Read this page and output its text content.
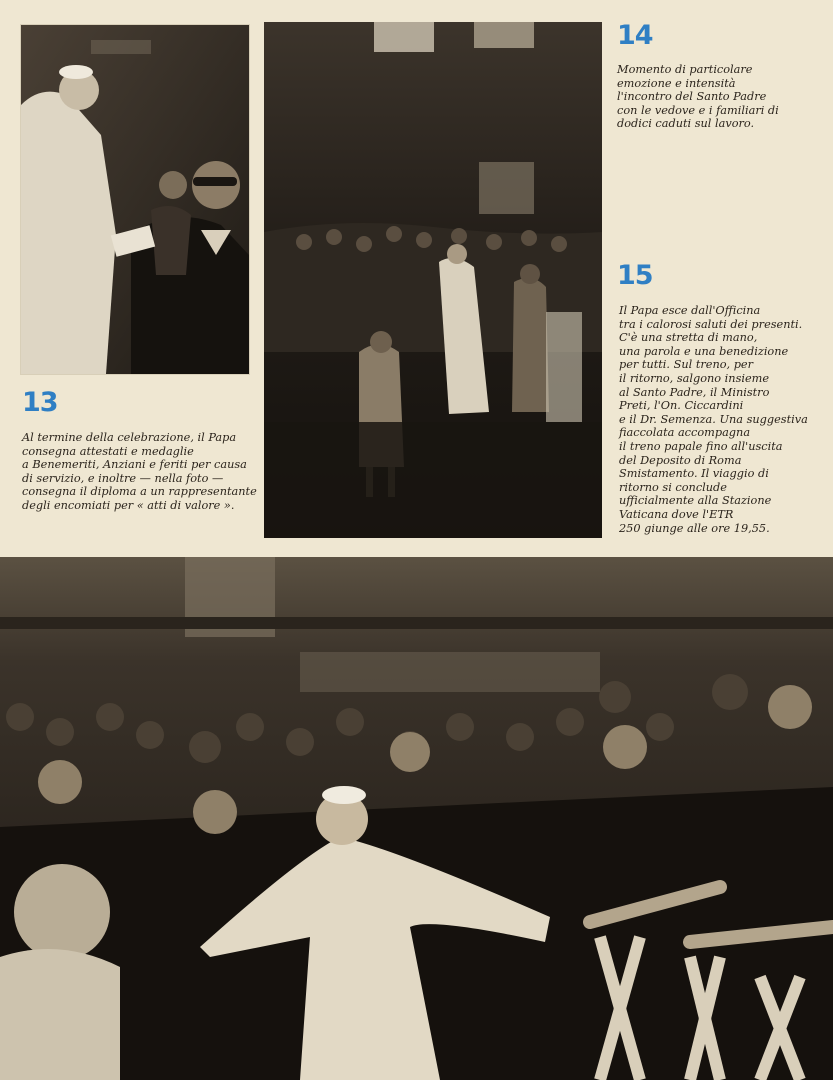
13

Al termine della celebrazione, il Papa
consegna attestati e medaglie
a Benemeriti, Anziani e feriti per causa
di servizio, e inoltre — nella foto —
consegna il diploma a un rappresentante
degli encomiati per « atti di valore ».

14

Momento di particolare
emozione e intensità
l'incontro del Santo Padre
con le vedove e i familiari di
dodici caduti sul lavoro.

15

Il Papa esce dall'Officina
tra i calorosi saluti dei presenti.
C'è una stretta di mano,
una parola e una benedizione
per tutti. Sul treno, per
il ritorno, salgono insieme
al Santo Padre, il Ministro
Preti, l'On. Ciccardini
e il Dr. Semenza. Una suggestiva
fiaccolata accompagna
il treno papale fino all'uscita
del Deposito di Roma
Smistamento. Il viaggio di
ritorno si conclude
ufficialmente alla Stazione
Vaticana dove l'ETR
250 giunge alle ore 19,55.
